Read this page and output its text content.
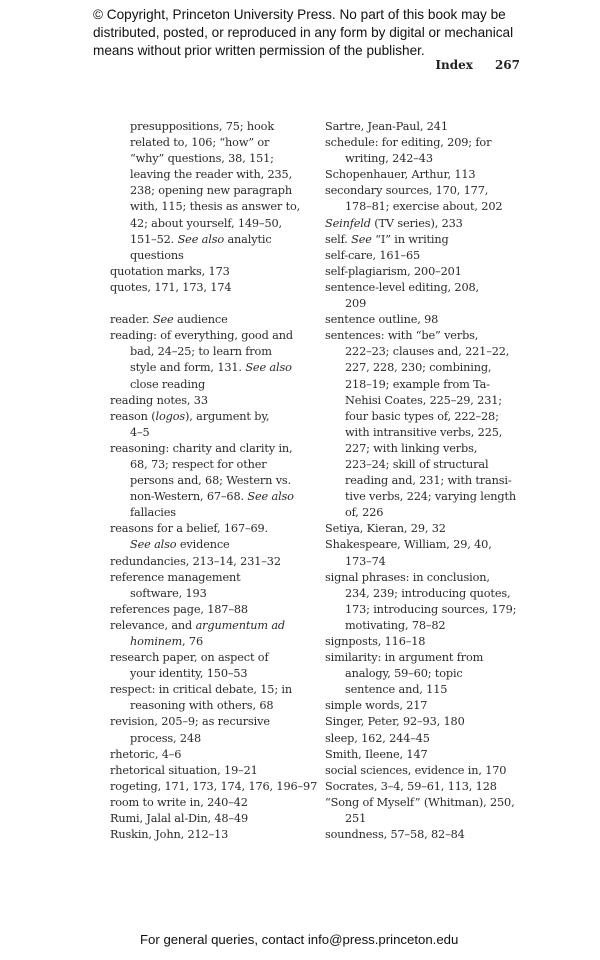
© Copyright, Princeton University Press. No part of this book may be
distributed, posted, or reproduced in any form by digital or mechanical
means without prior written permission of the publisher.
Index 267
presuppositions, 75; hook
related to, 106; “how” or
“why” questions, 38, 151;
leaving the reader with, 235,
238; opening new paragraph
with, 115; thesis as answer to,
42; about yourself, 149–50,
151–52. See also analytic
questions
quotation marks, 173
quotes, 171, 173, 174
reader. See audience
reading: of everything, good and
bad, 24–25; to learn from
style and form, 131. See also
close reading
reading notes, 33
reason (logos), argument by,
4–5
reasoning: charity and clarity in,
68, 73; respect for other
persons and, 68; Western vs.
non-Western, 67–68. See also
fallacies
reasons for a belief, 167–69.
See also evidence
redundancies, 213–14, 231–32
reference management
software, 193
references page, 187–88
relevance, and argumentum ad
hominem, 76
research paper, on aspect of
your identity, 150–53
respect: in critical debate, 15; in
reasoning with others, 68
revision, 205–9; as recursive
process, 248
rhetoric, 4–6
rhetorical situation, 19–21
rogeting, 171, 173, 174, 176, 196–97
room to write in, 240–42
Rumi, Jalal al-Din, 48–49
Ruskin, John, 212–13
Sartre, Jean-Paul, 241
schedule: for editing, 209; for
writing, 242–43
Schopenhauer, Arthur, 113
secondary sources, 170, 177,
178–81; exercise about, 202
Seinfeld (TV series), 233
self. See “I” in writing
self-care, 161–65
self-plagiarism, 200–201
sentence-level editing, 208,
209
sentence outline, 98
sentences: with “be” verbs,
222–23; clauses and, 221–22,
227, 228, 230; combining,
218–19; example from Ta-
Nehisi Coates, 225–29, 231;
four basic types of, 222–28;
with intransitive verbs, 225,
227; with linking verbs,
223–24; skill of structural
reading and, 231; with transi-
tive verbs, 224; varying length
of, 226
Setiya, Kieran, 29, 32
Shakespeare, William, 29, 40,
173–74
signal phrases: in conclusion,
234, 239; introducing quotes,
173; introducing sources, 179;
motivating, 78–82
signposts, 116–18
similarity: in argument from
analogy, 59–60; topic
sentence and, 115
simple words, 217
Singer, Peter, 92–93, 180
sleep, 162, 244–45
Smith, Ileene, 147
social sciences, evidence in, 170
Socrates, 3–4, 59–61, 113, 128
“Song of Myself” (Whitman), 250,
251
soundness, 57–58, 82–84
For general queries, contact info@press.princeton.edu
